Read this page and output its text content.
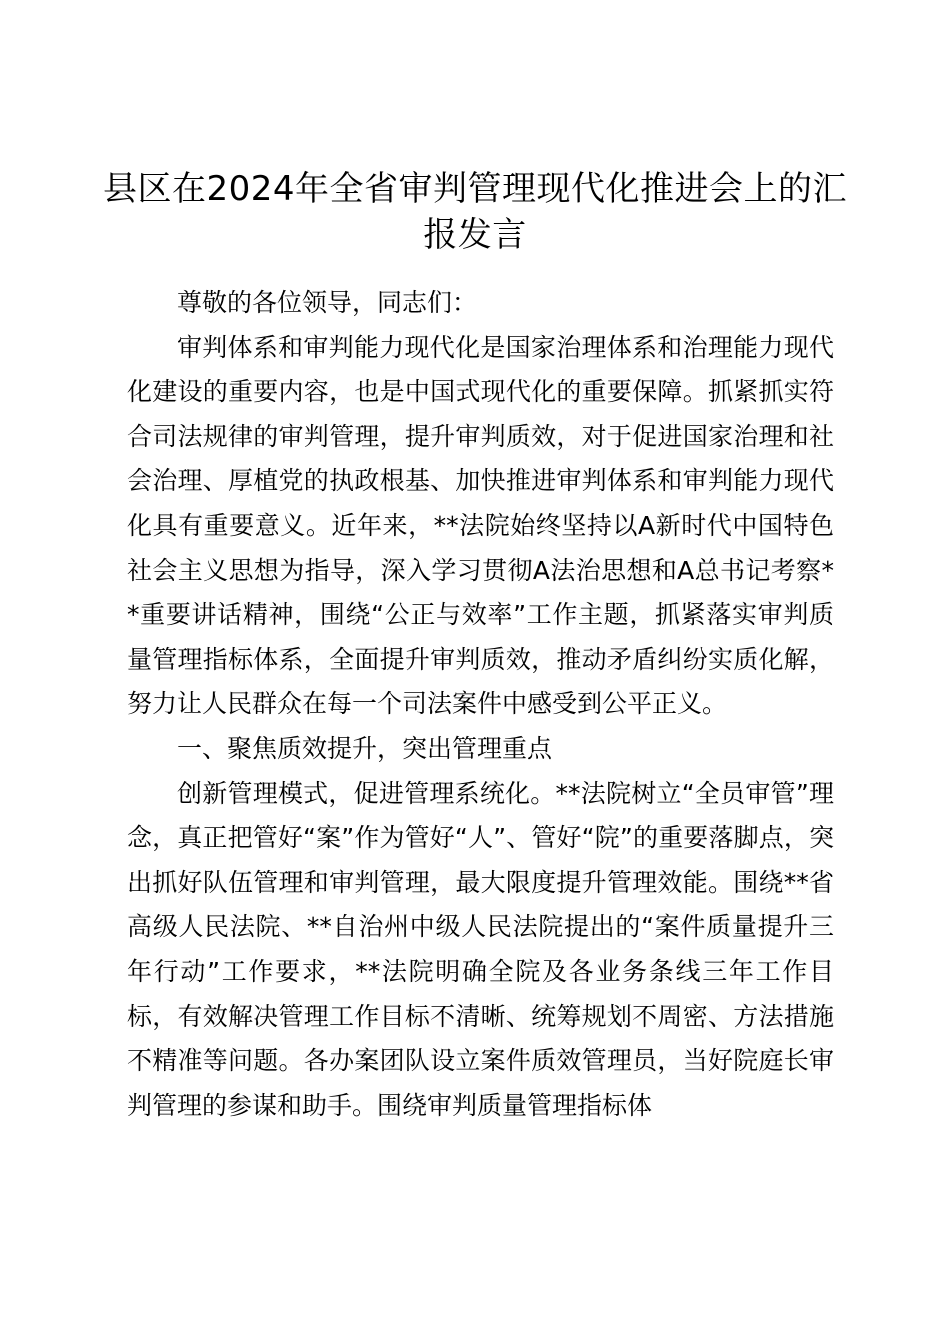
县区在2024年全省审判管理现代化推进会上的汇报发言

尊敬的各位领导，同志们：

审判体系和审判能力现代化是国家治理体系和治理能力现代化建设的重要内容，也是中国式现代化的重要保障。抓紧抓实符合司法规律的审判管理，提升审判质效，对于促进国家治理和社会治理、厚植党的执政根基、加快推进审判体系和审判能力现代化具有重要意义。近年来，**法院始终坚持以A新时代中国特色社会主义思想为指导，深入学习贯彻A法治思想和A总书记考察**重要讲话精神，围绕“公正与效率”工作主题，抓紧落实审判质量管理指标体系，全面提升审判质效，推动矛盾纠纷实质化解，努力让人民群众在每一个司法案件中感受到公平正义。

一、聚焦质效提升，突出管理重点

创新管理模式，促进管理系统化。**法院树立“全员审管”理念，真正把管好“案”作为管好“人”、管好“院”的重要落脚点，突出抓好队伍管理和审判管理，最大限度提升管理效能。围绕**省高级人民法院、**自治州中级人民法院提出的“案件质量提升三年行动”工作要求，**法院明确全院及各业务条线三年工作目标，有效解决管理工作目标不清晰、统筹规划不周密、方法措施不精准等问题。各办案团队设立案件质效管理员，当好院庭长审判管理的参谋和助手。围绕审判质量管理指标体
